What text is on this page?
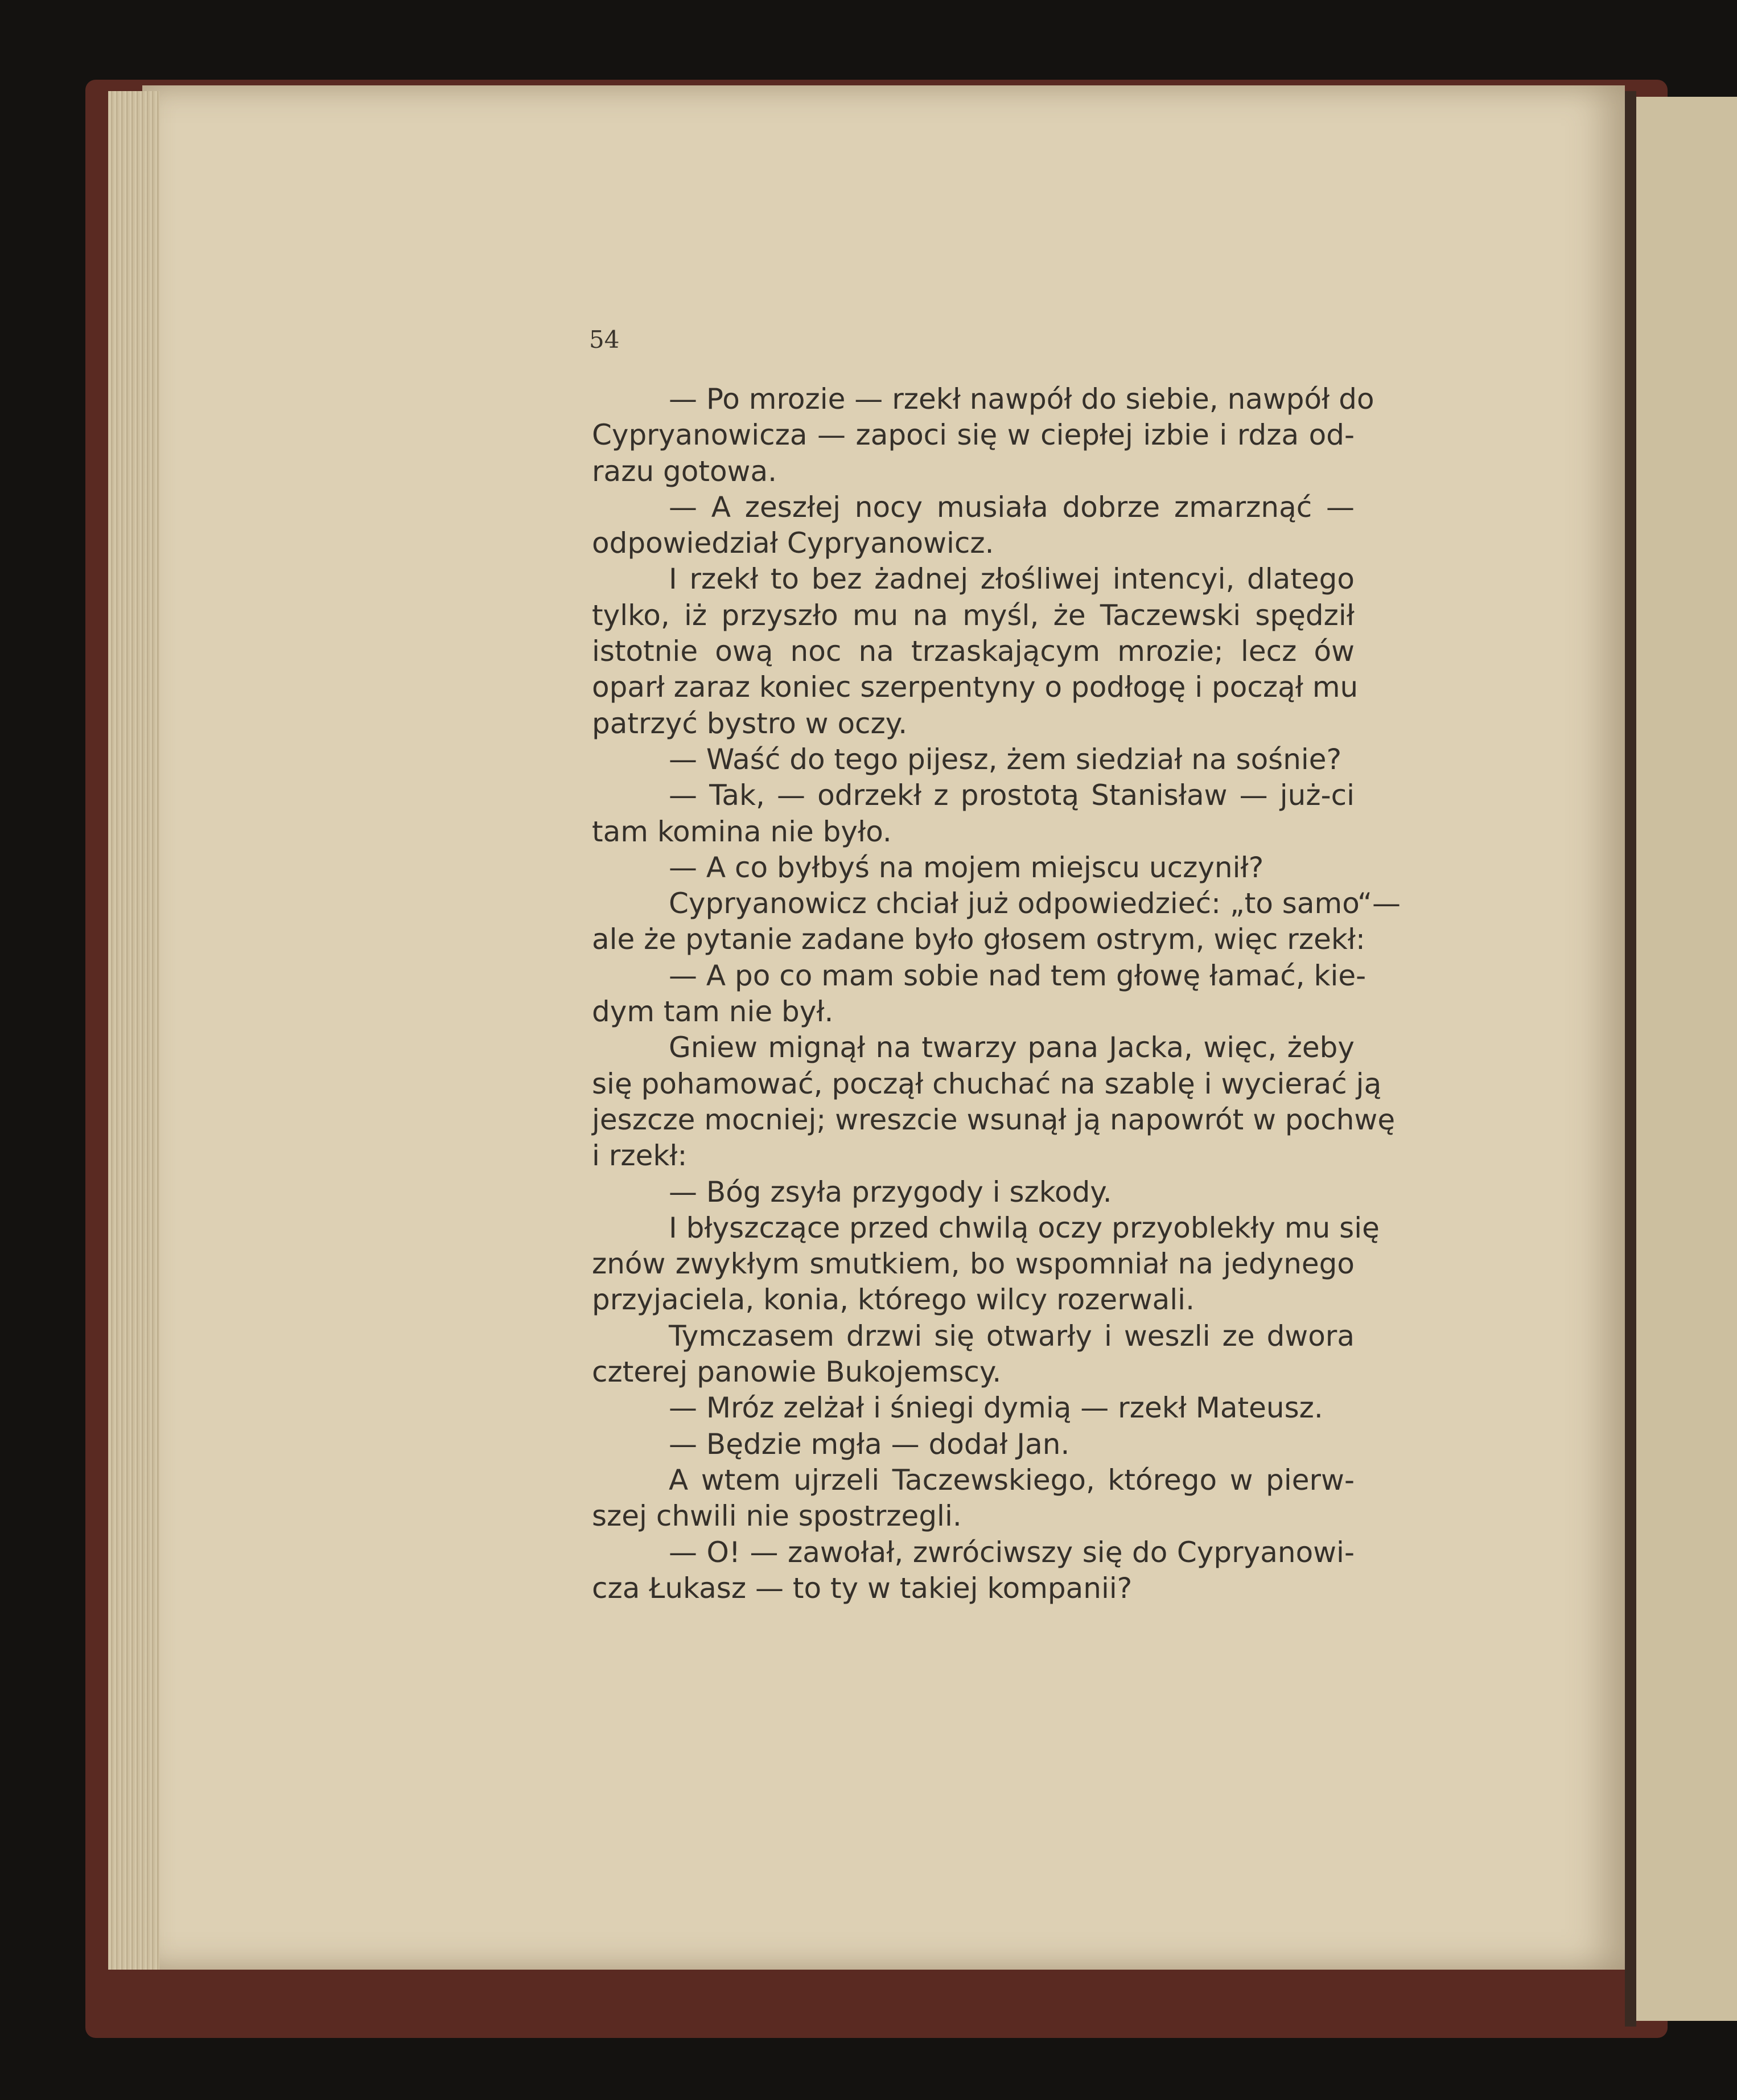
54
— Po mrozie — rzekł nawpół do siebie, nawpół do
Cypryanowicza — zapoci się w ciepłej izbie i rdza od-
razu gotowa.
— A zeszłej nocy musiała dobrze zmarznąć —
odpowiedział Cypryanowicz.
I rzekł to bez żadnej złośliwej intencyi, dlatego
tylko, iż przyszło mu na myśl, że Taczewski spędził
istotnie ową noc na trzaskającym mrozie; lecz ów
oparł zaraz koniec szerpentyny o podłogę i począł mu
patrzyć bystro w oczy.
— Waść do tego pijesz, żem siedział na sośnie?
— Tak, — odrzekł z prostotą Stanisław — już-ci
tam komina nie było.
— A co byłbyś na mojem miejscu uczynił?
Cypryanowicz chciał już odpowiedzieć: „to samo“—
ale że pytanie zadane było głosem ostrym, więc rzekł:
— A po co mam sobie nad tem głowę łamać, kie-
dym tam nie był.
Gniew mignął na twarzy pana Jacka, więc, żeby
się pohamować, począł chuchać na szablę i wycierać ją
jeszcze mocniej; wreszcie wsunął ją napowrót w pochwę
i rzekł:
— Bóg zsyła przygody i szkody.
I błyszczące przed chwilą oczy przyoblekły mu się
znów zwykłym smutkiem, bo wspomniał na jedynego
przyjaciela, konia, którego wilcy rozerwali.
Tymczasem drzwi się otwarły i weszli ze dwora
czterej panowie Bukojemscy.
— Mróz zelżał i śniegi dymią — rzekł Mateusz.
— Będzie mgła — dodał Jan.
A wtem ujrzeli Taczewskiego, którego w pierw-
szej chwili nie spostrzegli.
— O! — zawołał, zwróciwszy się do Cypryanowi-
cza Łukasz — to ty w takiej kompanii?
